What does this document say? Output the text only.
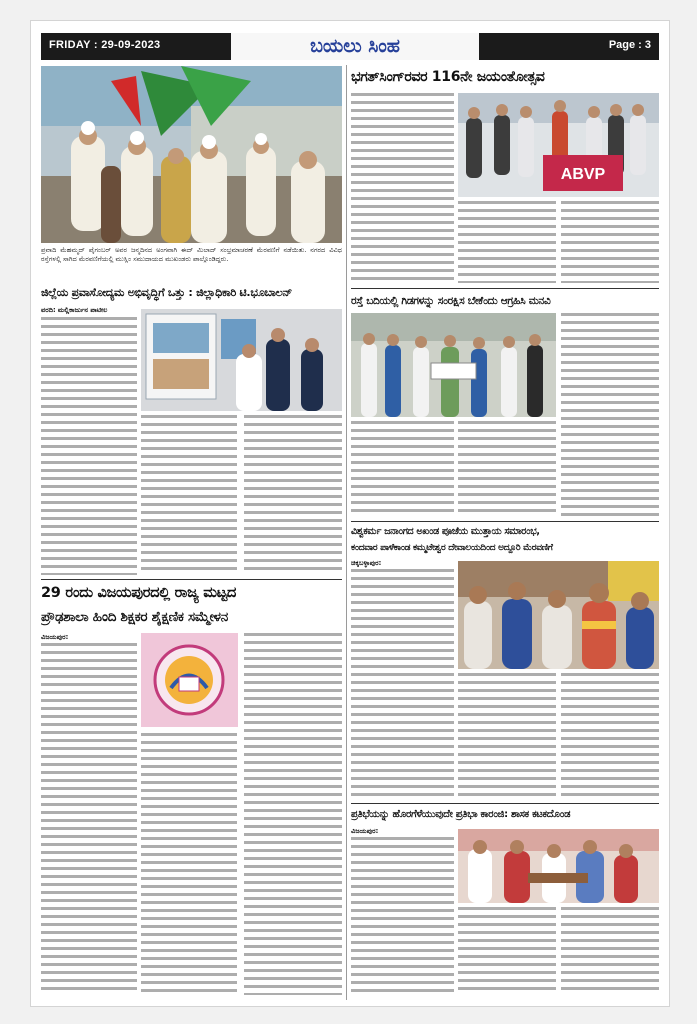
FRIDAY : 29-09-2023	ಬಯಲು ಸಿಂಹ	Page : 3

ಪ್ರವಾದಿ ಮೆಹಮ್ಮದ್ ಪೈಗಂಬರ್ ಅವರ ಜನ್ಮದಿನದ ಅಂಗವಾಗಿ ಈದ್ ಮಿಲಾದ್ ಸಂಭ್ರಮಾಚರಣೆ ಮೆರವಣಿಗೆ ನಡೆಯಿತು. ನಗರದ ವಿವಿಧ ರಸ್ತೆಗಳಲ್ಲಿ ಸಾಗಿದ ಮೆರವಣಿಗೆಯಲ್ಲಿ ಮುಸ್ಲಿಂ ಸಮುದಾಯದ ಮುಖಂಡರು ಪಾಲ್ಗೊಂಡಿದ್ದರು.

ಜಿಲ್ಲೆಯ ಪ್ರವಾಸೋದ್ಯಮ ಅಭಿವೃದ್ಧಿಗೆ ಒತ್ತು : ಜಿಲ್ಲಾಧಿಕಾರಿ ಟಿ.ಭೂಬಾಲನ್
ವರದಿ: ಮಲ್ಲಿಕಾರ್ಜುನ ಪಾಟೀಲ
29 ರಂದು ವಿಜಯಪುರದಲ್ಲಿ ರಾಜ್ಯ ಮಟ್ಟದ
ಪ್ರೌಢಶಾಲಾ ಹಿಂದಿ ಶಿಕ್ಷಕರ ಶೈಕ್ಷಣಿಕ ಸಮ್ಮೇಳನ
ವಿಜಯಪುರ:
ಭಗತ್‌ಸಿಂಗ್‌ರವರ 116ನೇ ಜಯಂತೋತ್ಸವ
ABVP
ರಸ್ತೆ ಬದಿಯಲ್ಲಿ ಗಿಡಗಳನ್ನು ಸಂರಕ್ಷಿಸ ಬೇಕೆಂದು ಆಗ್ರಹಿಸಿ ಮನವಿ
ವಿಶ್ವಕರ್ಮ ಜನಾಂಗದ ಅಖಂಡ ಪೂಜೆಯ ಮುತ್ತಾಯ ಸಮಾರಂಭ,
ಕಂದವಾರ ಪಾಳೆಕಾಂಡ ಕಮ್ಮಟೇಶ್ವರ ದೇವಾಲಯದಿಂದ ಅದ್ದೂರಿ ಮೆರವಣಿಗೆ
ಚಿಕ್ಕಬಳ್ಳಾಪುರ:
ಪ್ರತಿಭೆಯನ್ನು ಹೊರಗೆಳೆಯುವುದೇ ಪ್ರತಿಭಾ ಕಾರಂಜಿ: ಶಾಸಕ ಕಟಕದೊಂಡ
ವಿಜಯಪುರ:
